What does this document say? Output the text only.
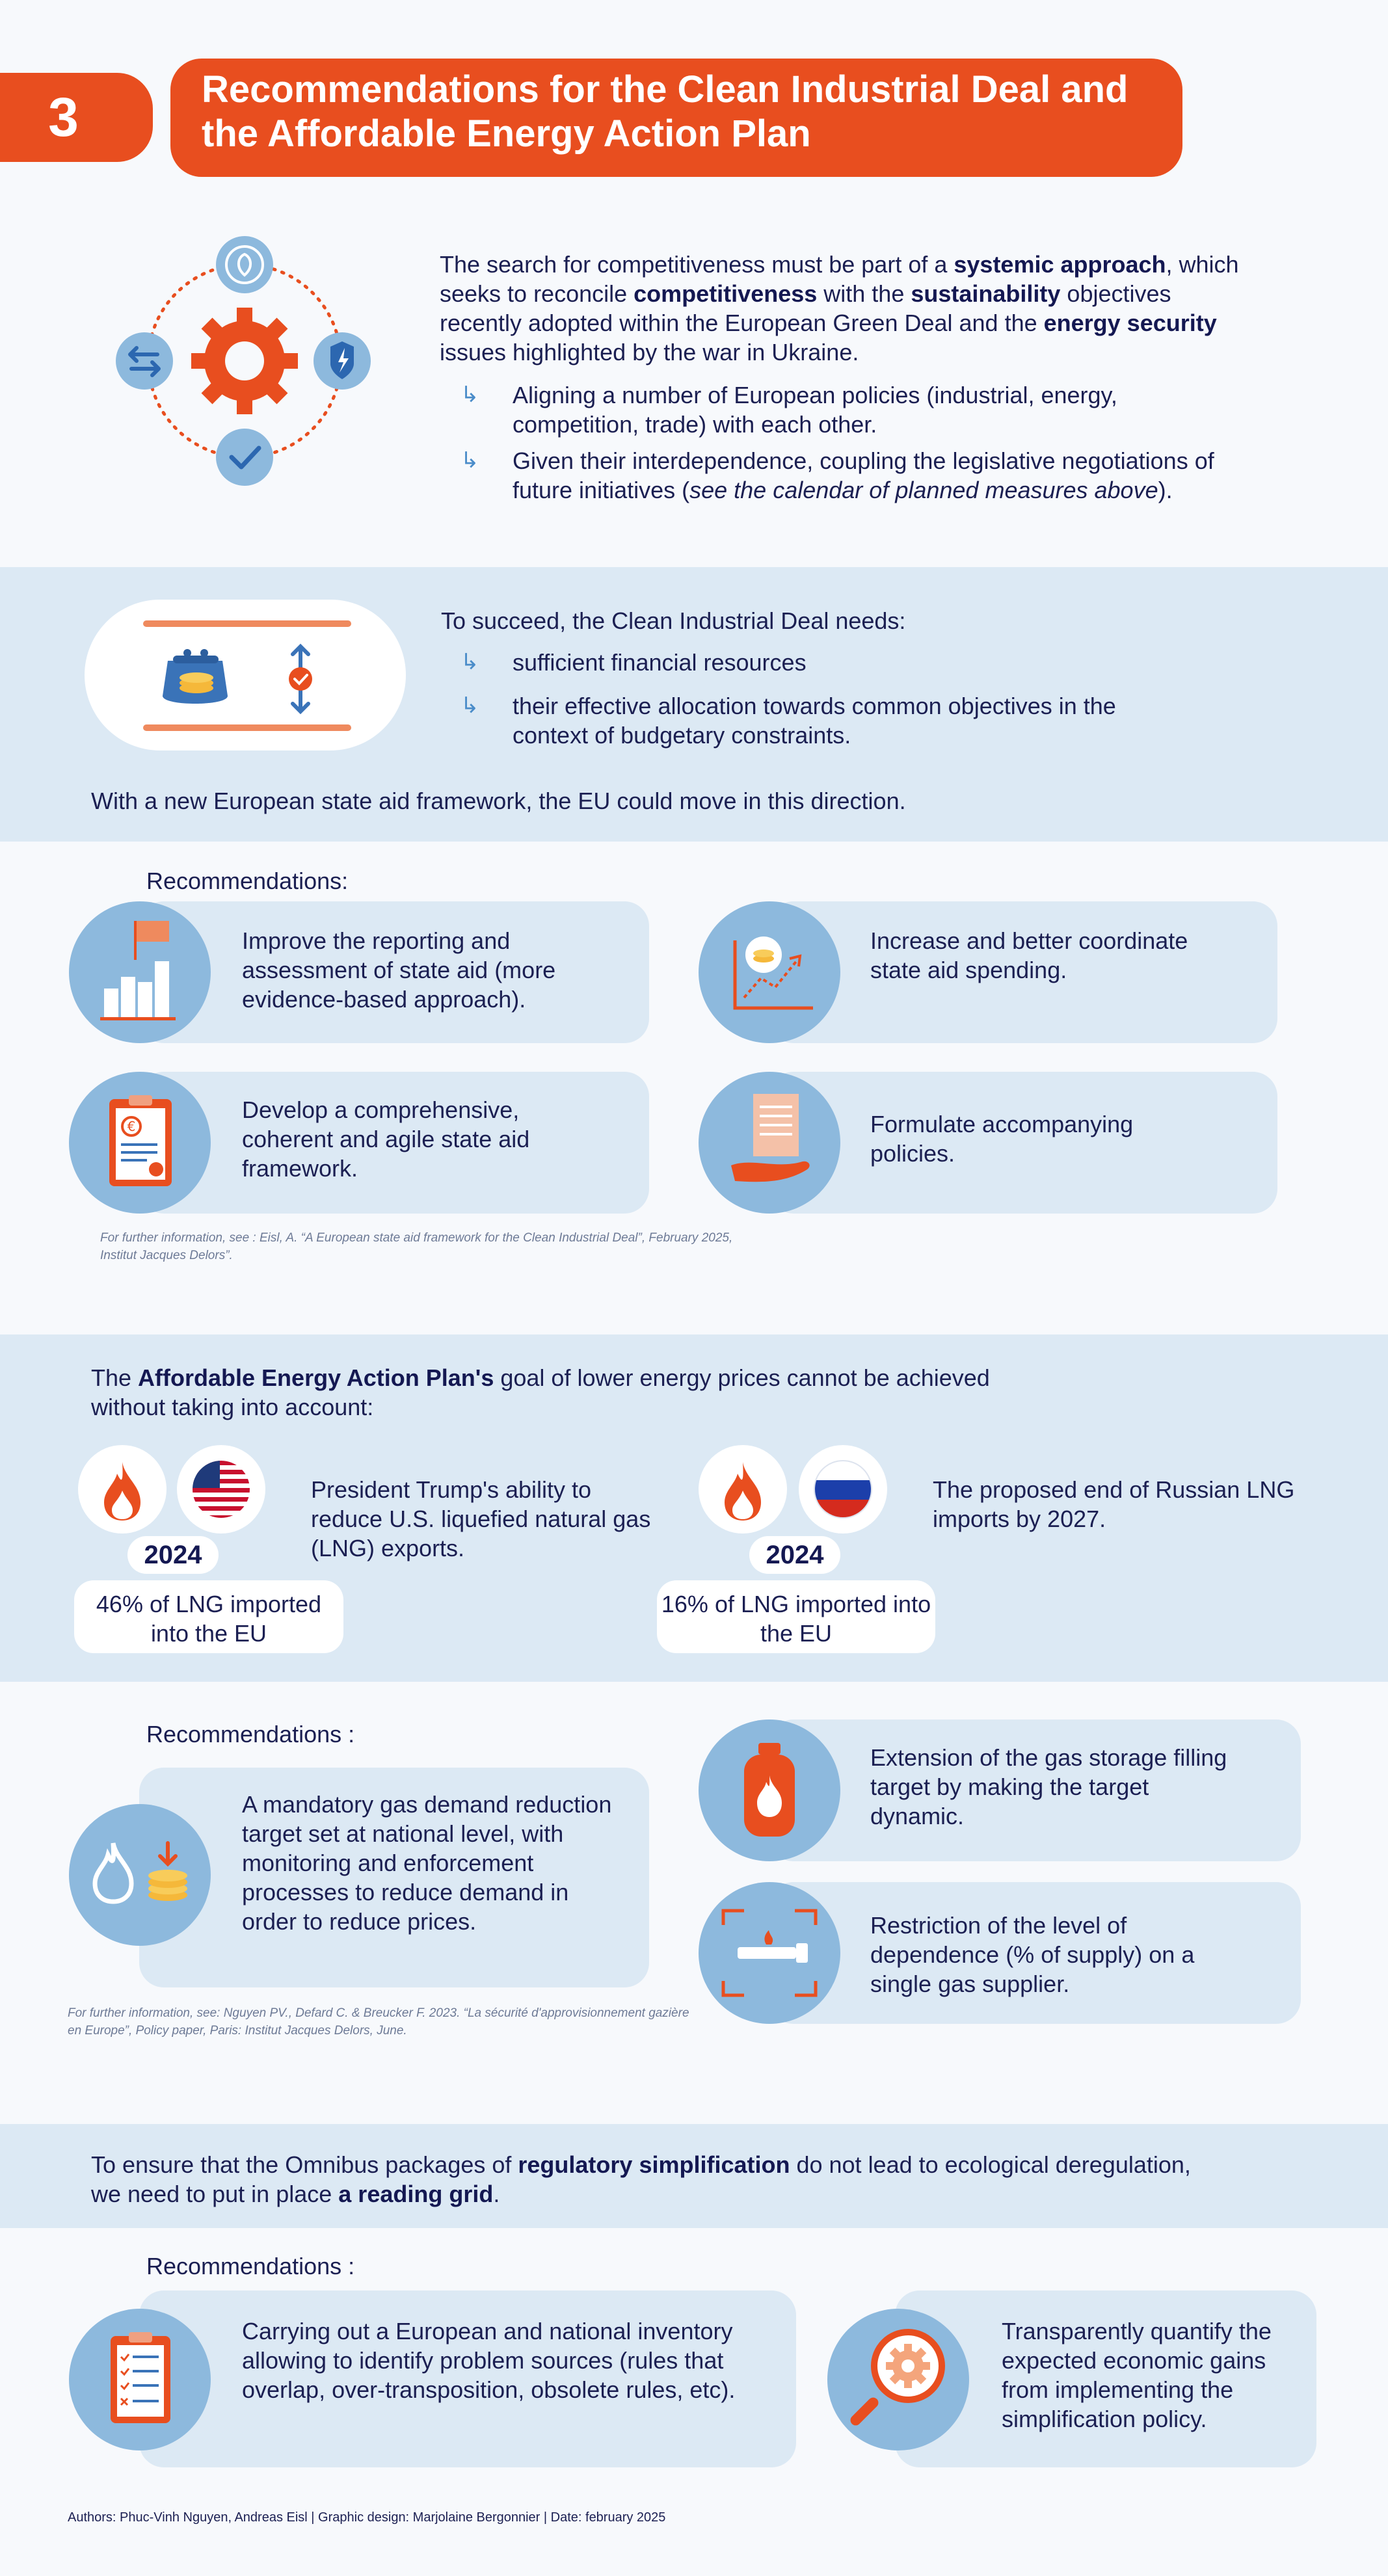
3	Recommendations for the Clean Industrial Deal and the Affordable Energy Action Plan
The search for competitiveness must be part of a systemic approach, which seeks to reconcile competitiveness with the sustainability objectives recently adopted within the European Green Deal and the energy security issues highlighted by the war in Ukraine.
↳ Aligning a number of European policies (industrial, energy, competition, trade) with each other.
↳ Given their interdependence, coupling the legislative negotiations of future initiatives (see the calendar of planned measures above).
To succeed, the Clean Industrial Deal needs:
↳ sufficient financial resources
↳ their effective allocation towards common objectives in the context of budgetary constraints.
With a new European state aid framework, the EU could move in this direction.
Recommendations:
Improve the reporting and assessment of state aid (more evidence-based approach).
Increase and better coordinate state aid spending.
€
Develop a comprehensive, coherent and agile state aid framework.
Formulate accompanying policies.
For further information, see : Eisl, A. “A European state aid framework for the Clean Industrial Deal”, February 2025, Institut Jacques Delors”.
The Affordable Energy Action Plan's goal of lower energy prices cannot be achieved without taking into account:
2024
46% of LNG imported into the EU
President Trump's ability to reduce U.S. liquefied natural gas (LNG) exports.	2024
16% of LNG imported into the EU
The proposed end of Russian LNG imports by 2027.
Recommendations :
A mandatory gas demand reduction target set at national level, with monitoring and enforcement processes to reduce demand in order to reduce prices.
Extension of the gas storage filling target by making the target dynamic.
Restriction of the level of dependence (% of supply) on a single gas supplier.
For further information, see: Nguyen PV., Defard C. & Breucker F. 2023. “La sécurité d'approvisionnement gazière en Europe”, Policy paper, Paris: Institut Jacques Delors, June.
To ensure that the Omnibus packages of regulatory simplification do not lead to ecological deregulation, we need to put in place a reading grid.
Recommendations :
Carrying out a European and national inventory allowing to identify problem sources (rules that overlap, over-transposition, obsolete rules, etc).
Transparently quantify the expected economic gains from implementing the simplification policy.
Authors: Phuc-Vinh Nguyen, Andreas Eisl | Graphic design: Marjolaine Bergonnier | Date: february 2025
